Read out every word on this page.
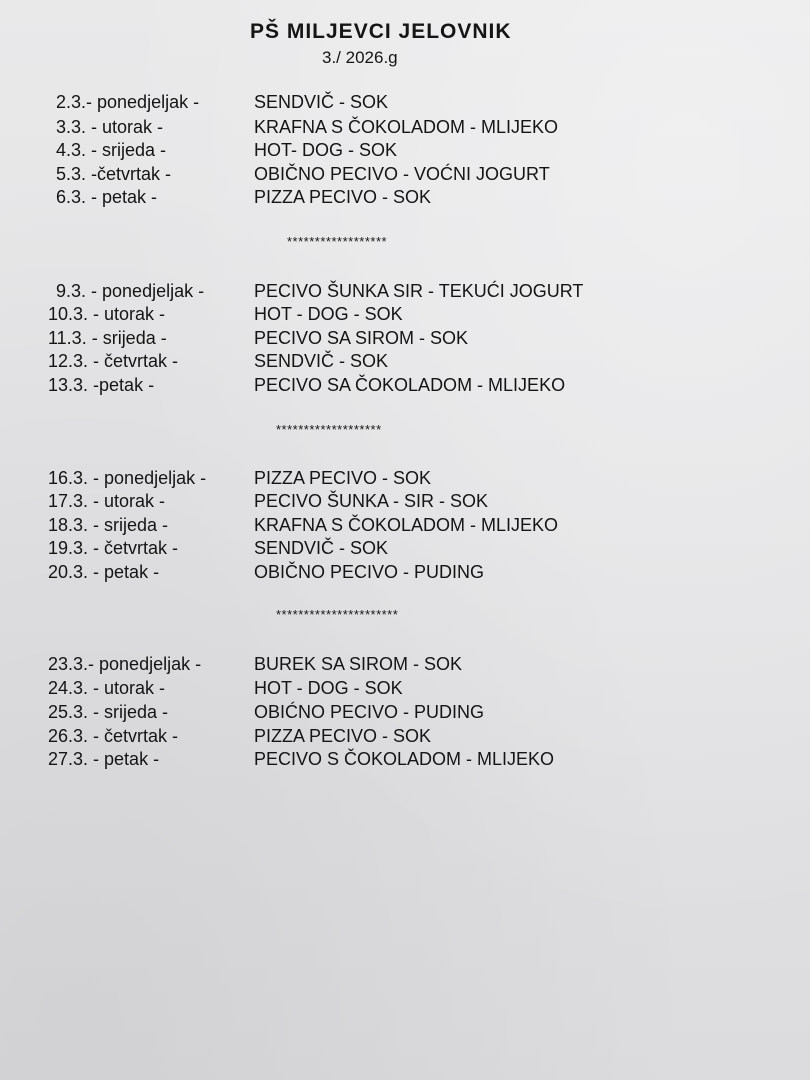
PŠ MILJEVCI JELOVNIK
3./ 2026.g
2.3.- ponedjeljak -	SENDVIČ - SOK
3.3. - utorak -	KRAFNA S ČOKOLADOM - MLIJEKO
4.3. - srijeda -	HOT- DOG - SOK
5.3. -četvrtak -	OBIČNO PECIVO - VOĆNI JOGURT
6.3. - petak -	PIZZA PECIVO - SOK
******************
9.3. - ponedjeljak -	PECIVO ŠUNKA SIR - TEKUĆI JOGURT
10.3. - utorak -	HOT - DOG - SOK
11.3. - srijeda -	PECIVO SA SIROM - SOK
12.3. - četvrtak -	SENDVIČ - SOK
13.3. -petak -	PECIVO SA ČOKOLADOM - MLIJEKO
*******************
16.3. - ponedjeljak -	PIZZA PECIVO - SOK
17.3. - utorak -	PECIVO ŠUNKA - SIR - SOK
18.3. - srijeda -	KRAFNA S ČOKOLADOM - MLIJEKO
19.3. - četvrtak -	SENDVIČ - SOK
20.3. - petak -	OBIČNO PECIVO - PUDING
**********************
23.3.- ponedjeljak -	BUREK SA SIROM - SOK
24.3. - utorak -	HOT - DOG - SOK
25.3. - srijeda -	OBIĆNO PECIVO - PUDING
26.3. - četvrtak -	PIZZA PECIVO - SOK
27.3. - petak -	PECIVO S ČOKOLADOM - MLIJEKO
